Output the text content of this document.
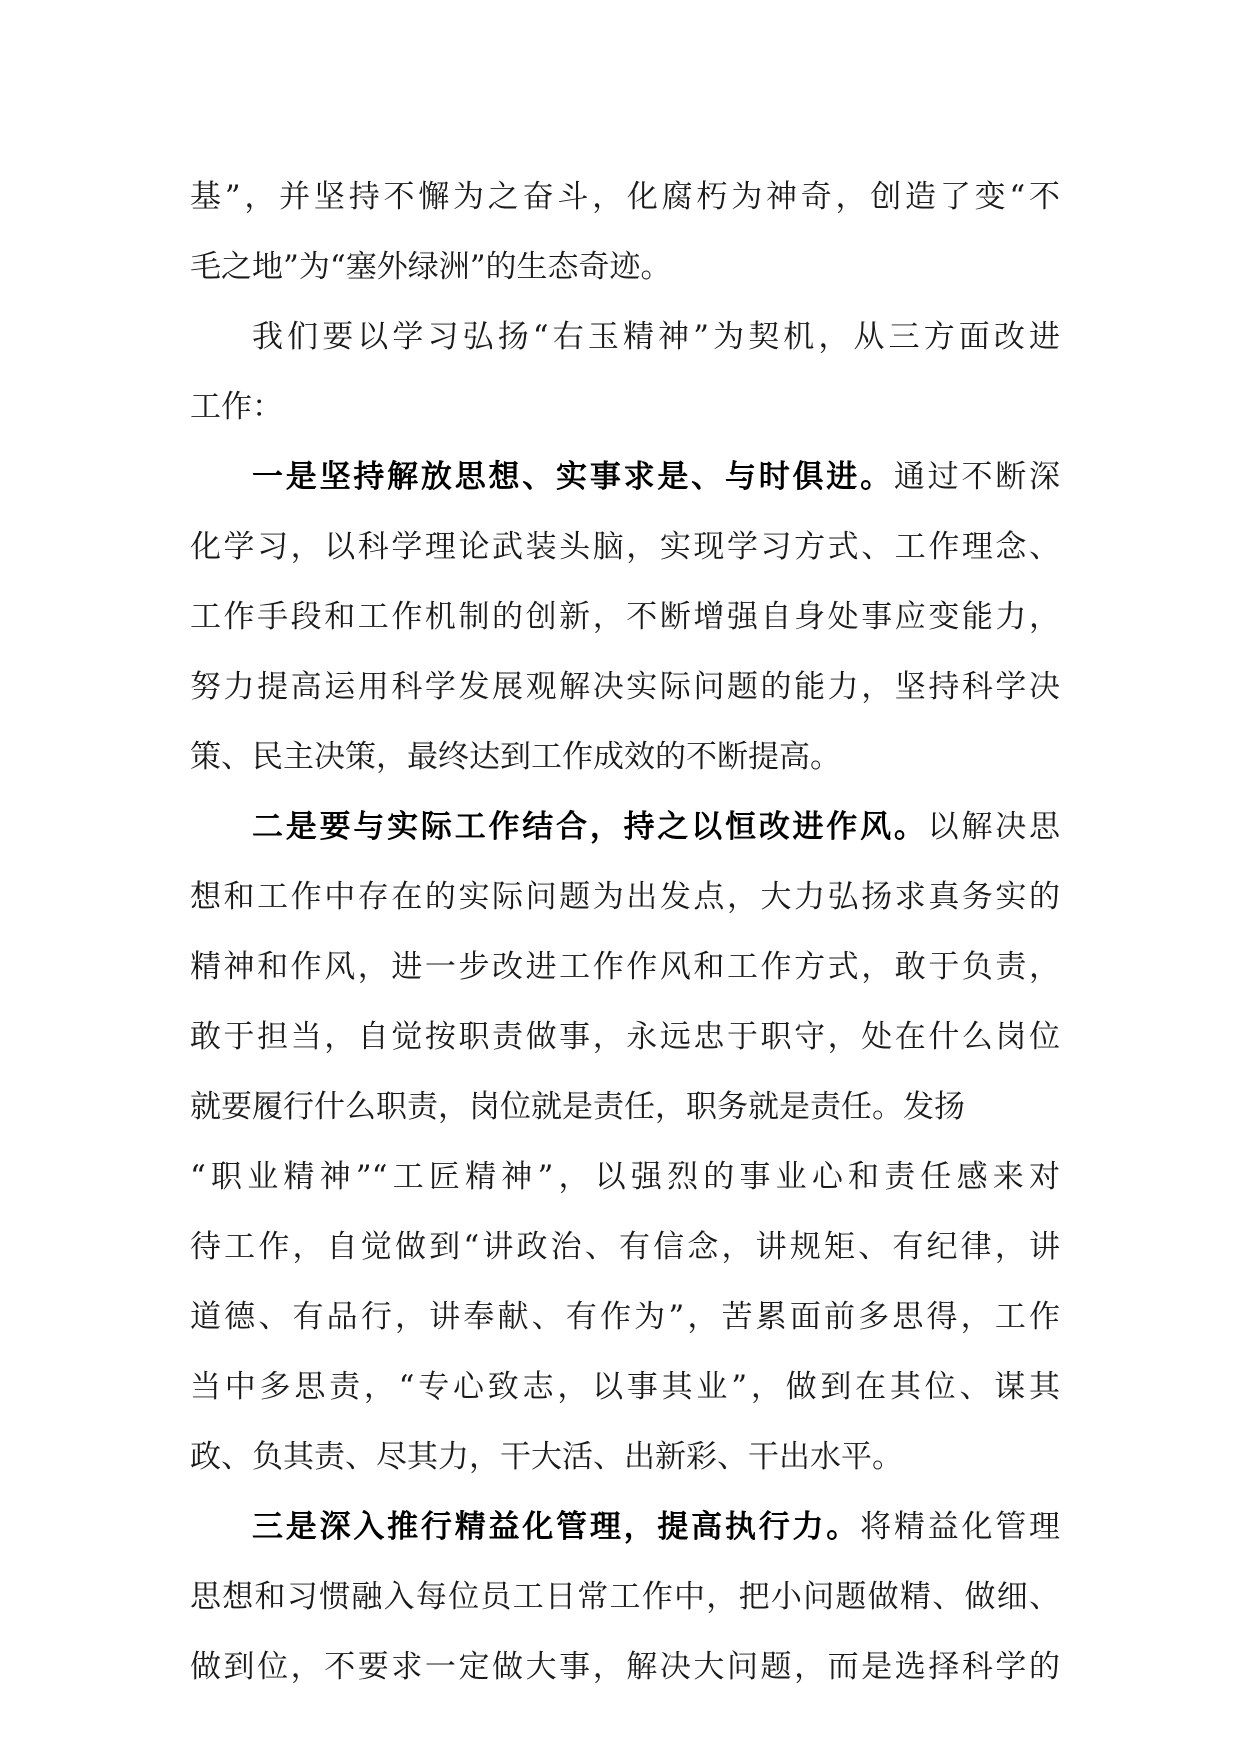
基”，并坚持不懈为之奋斗，化腐朽为神奇，创造了变“不
毛之地”为“塞外绿洲”的生态奇迹。
我们要以学习弘扬“右玉精神”为契机，从三方面改进
工作：
一是坚持解放思想、实事求是、与时俱进。通过不断深
化学习，以科学理论武装头脑，实现学习方式、工作理念、
工作手段和工作机制的创新，不断增强自身处事应变能力，
努力提高运用科学发展观解决实际问题的能力，坚持科学决
策、民主决策，最终达到工作成效的不断提高。
二是要与实际工作结合，持之以恒改进作风。以解决思
想和工作中存在的实际问题为出发点，大力弘扬求真务实的
精神和作风，进一步改进工作作风和工作方式，敢于负责，
敢于担当，自觉按职责做事，永远忠于职守，处在什么岗位
就要履行什么职责，岗位就是责任，职务就是责任。发扬
“职业精神”“工匠精神”，以强烈的事业心和责任感来对
待工作，自觉做到“讲政治、有信念，讲规矩、有纪律，讲
道德、有品行，讲奉献、有作为”，苦累面前多思得，工作
当中多思责，“专心致志，以事其业”，做到在其位、谋其
政、负其责、尽其力，干大活、出新彩、干出水平。
三是深入推行精益化管理，提高执行力。将精益化管理
思想和习惯融入每位员工日常工作中，把小问题做精、做细、
做到位，不要求一定做大事，解决大问题，而是选择科学的
